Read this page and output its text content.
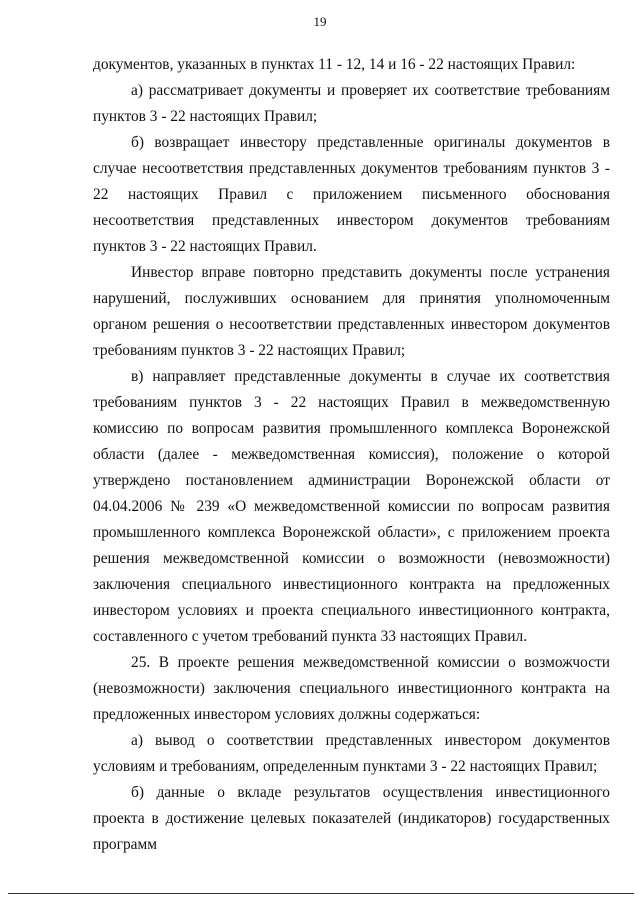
19

документов, указанных в пунктах 11 - 12, 14 и 16 - 22 настоящих Правил:

а) рассматривает документы и проверяет их соответствие требованиям пунктов 3 - 22 настоящих Правил;

б) возвращает инвестору представленные оригиналы документов в случае несоответствия представленных документов требованиям пунктов 3 - 22 настоящих Правил с приложением письменного обоснования несоответствия представленных инвестором документов требованиям пунктов 3 - 22 настоящих Правил.

Инвестор вправе повторно представить документы после устранения нарушений, послуживших основанием для принятия уполномоченным органом решения о несоответствии представленных инвестором документов требованиям пунктов 3 - 22 настоящих Правил;

в) направляет представленные документы в случае их соответствия требованиям пунктов 3 - 22 настоящих Правил в межведомственную комиссию по вопросам развития промышленного комплекса Воронежской области (далее - межведомственная комиссия), положение о которой утверждено постановлением администрации Воронежской области от 04.04.2006 № 239 «О межведомственной комиссии по вопросам развития промышленного комплекса Воронежской области», с приложением проекта решения межведомственной комиссии о возможности (невозможности) заключения специального инвестиционного контракта на предложенных инвестором условиях и проекта специального инвестиционного контракта, составленного с учетом требований пункта 33 настоящих Правил.

25. В проекте решения межведомственной комиссии о возможчости (невозможности) заключения специального инвестиционного контракта на предложенных инвестором условиях должны содержаться:

а) вывод о соответствии представленных инвестором документов условиям и требованиям, определенным пунктами 3 - 22 настоящих Правил;

б) данные о вкладе результатов осуществления инвестиционного проекта в достижение целевых показателей (индикаторов) государственных программ
